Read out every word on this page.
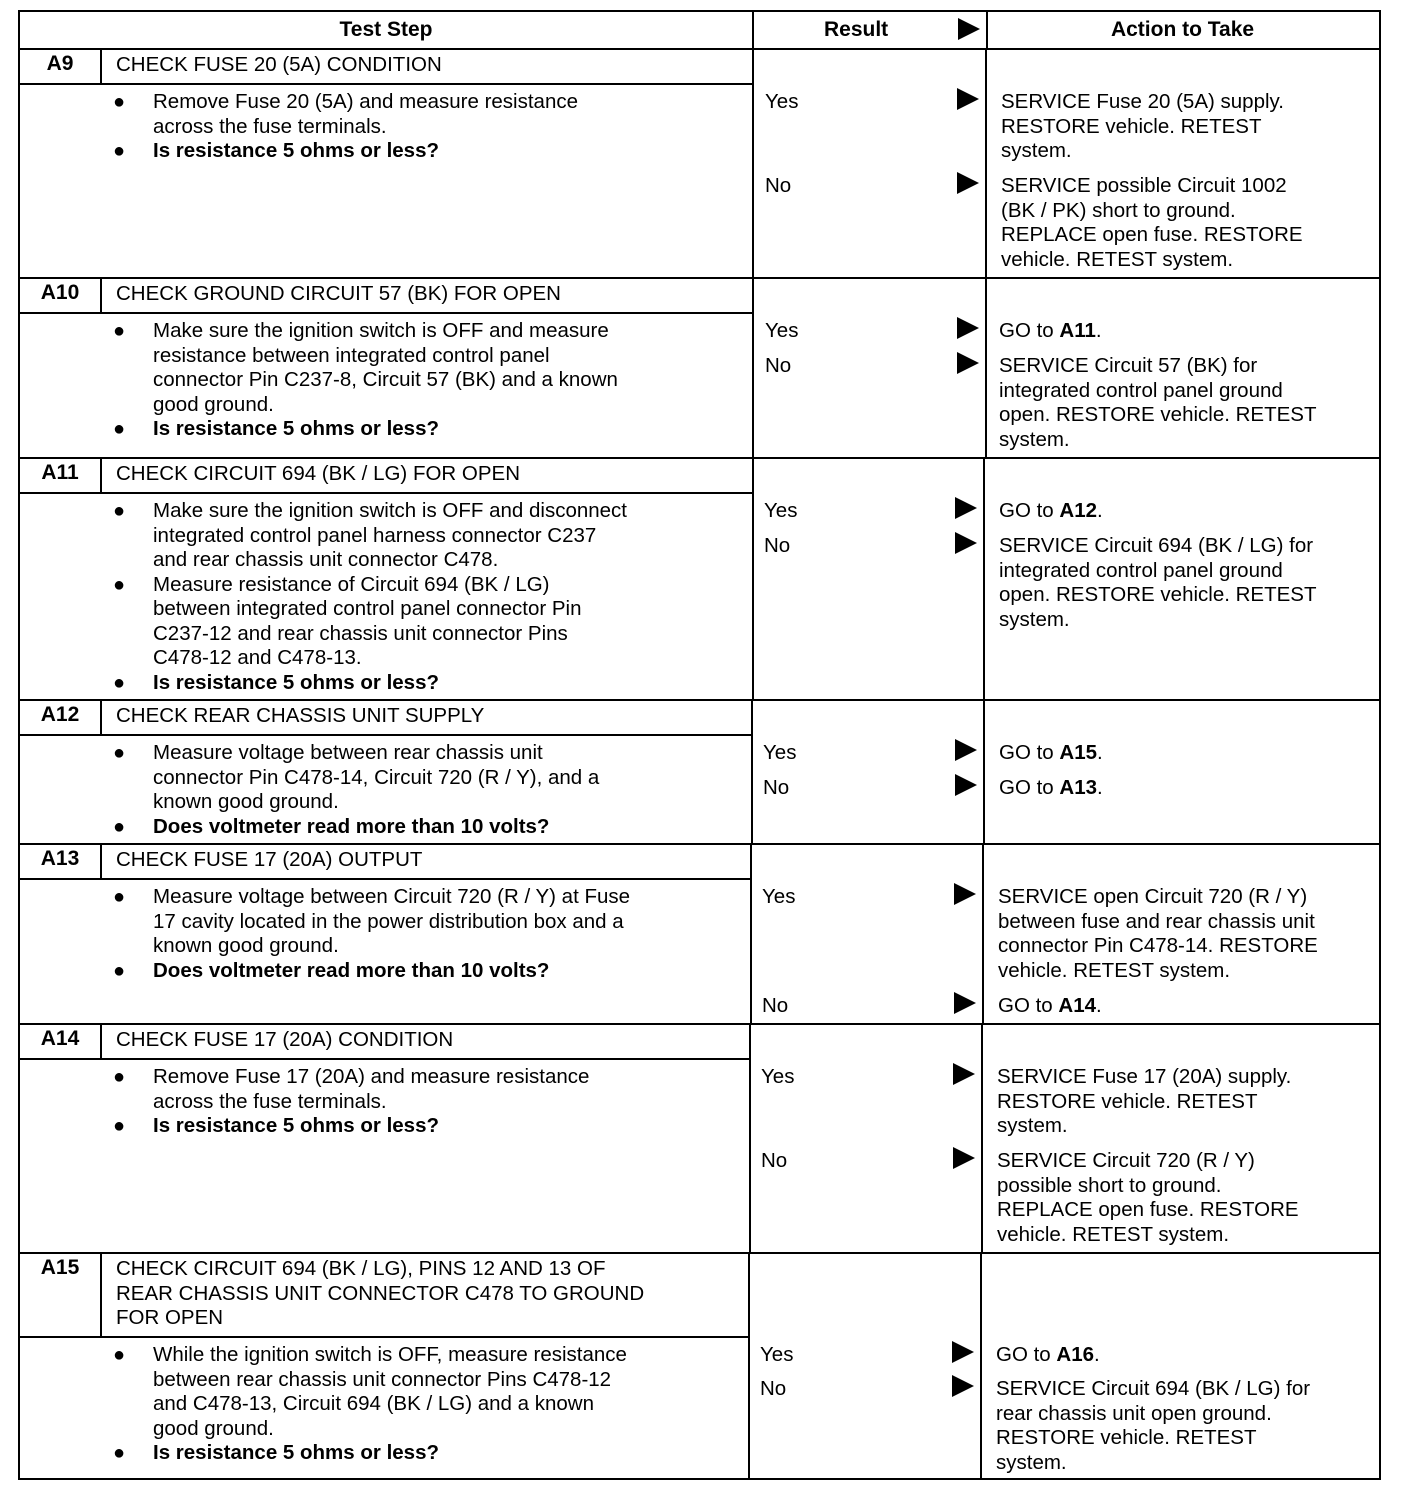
Test Step	Result	Action to Take
A9	CHECK FUSE 20 (5A) CONDITION
● Remove Fuse 20 (5A) and measure resistance
across the fuse terminals.
● Is resistance 5 ohms or less?
Yes	SERVICE Fuse 20 (5A) supply.
RESTORE vehicle. RETEST
system.
No	SERVICE possible Circuit 1002
(BK / PK) short to ground.
REPLACE open fuse. RESTORE
vehicle. RETEST system.
A10	CHECK GROUND CIRCUIT 57 (BK) FOR OPEN
● Make sure the ignition switch is OFF and measure
resistance between integrated control panel
connector Pin C237-8, Circuit 57 (BK) and a known
good ground.
● Is resistance 5 ohms or less?
Yes	GO to A11.
No	SERVICE Circuit 57 (BK) for
integrated control panel ground
open. RESTORE vehicle. RETEST
system.
A11	CHECK CIRCUIT 694 (BK / LG) FOR OPEN
● Make sure the ignition switch is OFF and disconnect
integrated control panel harness connector C237
and rear chassis unit connector C478.
● Measure resistance of Circuit 694 (BK / LG)
between integrated control panel connector Pin
C237-12 and rear chassis unit connector Pins
C478-12 and C478-13.
● Is resistance 5 ohms or less?
Yes	GO to A12.
No	SERVICE Circuit 694 (BK / LG) for
integrated control panel ground
open. RESTORE vehicle. RETEST
system.
A12	CHECK REAR CHASSIS UNIT SUPPLY
● Measure voltage between rear chassis unit
connector Pin C478-14, Circuit 720 (R / Y), and a
known good ground.
● Does voltmeter read more than 10 volts?
Yes	GO to A15.
No	GO to A13.
A13	CHECK FUSE 17 (20A) OUTPUT
● Measure voltage between Circuit 720 (R / Y) at Fuse
17 cavity located in the power distribution box and a
known good ground.
● Does voltmeter read more than 10 volts?
Yes	SERVICE open Circuit 720 (R / Y)
between fuse and rear chassis unit
connector Pin C478-14. RESTORE
vehicle. RETEST system.
No	GO to A14.
A14	CHECK FUSE 17 (20A) CONDITION
● Remove Fuse 17 (20A) and measure resistance
across the fuse terminals.
● Is resistance 5 ohms or less?
Yes	SERVICE Fuse 17 (20A) supply.
RESTORE vehicle. RETEST
system.
No	SERVICE Circuit 720 (R / Y)
possible short to ground.
REPLACE open fuse. RESTORE
vehicle. RETEST system.
A15	CHECK CIRCUIT 694 (BK / LG), PINS 12 AND 13 OF
REAR CHASSIS UNIT CONNECTOR C478 TO GROUND
FOR OPEN
● While the ignition switch is OFF, measure resistance
between rear chassis unit connector Pins C478-12
and C478-13, Circuit 694 (BK / LG) and a known
good ground.
● Is resistance 5 ohms or less?
Yes	GO to A16.
No	SERVICE Circuit 694 (BK / LG) for
rear chassis unit open ground.
RESTORE vehicle. RETEST
system.
